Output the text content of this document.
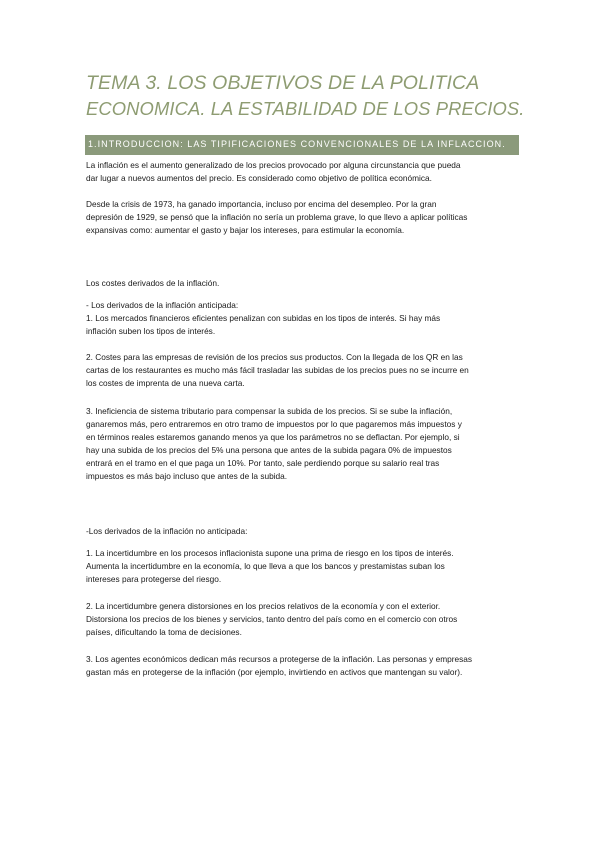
TEMA 3. LOS OBJETIVOS DE LA POLITICA
ECONOMICA. LA ESTABILIDAD DE LOS PRECIOS.
1.INTRODUCCION: LAS TIPIFICACIONES CONVENCIONALES DE LA INFLACCION.

La inflación es el aumento generalizado de los precios provocado por alguna circunstancia que pueda
dar lugar a nuevos aumentos del precio. Es considerado como objetivo de política económica.

Desde la crisis de 1973, ha ganado importancia, incluso por encima del desempleo. Por la gran
depresión de 1929, se pensó que la inflación no sería un problema grave, lo que llevo a aplicar políticas
expansivas como: aumentar el gasto y bajar los intereses, para estimular la economía.

Los costes derivados de la inflación.

- Los derivados de la inflación anticipada:
1. Los mercados financieros eficientes penalizan con subidas en los tipos de interés. Si hay más
inflación suben los tipos de interés.

2. Costes para las empresas de revisión de los precios sus productos. Con la llegada de los QR en las
cartas de los restaurantes es mucho más fácil trasladar las subidas de los precios pues no se incurre en
los costes de imprenta de una nueva carta.

3. Ineficiencia de sistema tributario para compensar la subida de los precios. Si se sube la inflación,
ganaremos más, pero entraremos en otro tramo de impuestos por lo que pagaremos más impuestos y
en términos reales estaremos ganando menos ya que los parámetros no se deflactan. Por ejemplo, si
hay una subida de los precios del 5% una persona que antes de la subida pagara 0% de impuestos
entrará en el tramo en el que paga un 10%. Por tanto, sale perdiendo porque su salario real tras
impuestos es más bajo incluso que antes de la subida.

-Los derivados de la inflación no anticipada:

1. La incertidumbre en los procesos inflacionista supone una prima de riesgo en los tipos de interés.
Aumenta la incertidumbre en la economía, lo que lleva a que los bancos y prestamistas suban los
intereses para protegerse del riesgo.

2. La incertidumbre genera distorsiones en los precios relativos de la economía y con el exterior.
Distorsiona los precios de los bienes y servicios, tanto dentro del país como en el comercio con otros
países, dificultando la toma de decisiones.

3. Los agentes económicos dedican más recursos a protegerse de la inflación. Las personas y empresas
gastan más en protegerse de la inflación (por ejemplo, invirtiendo en activos que mantengan su valor).
